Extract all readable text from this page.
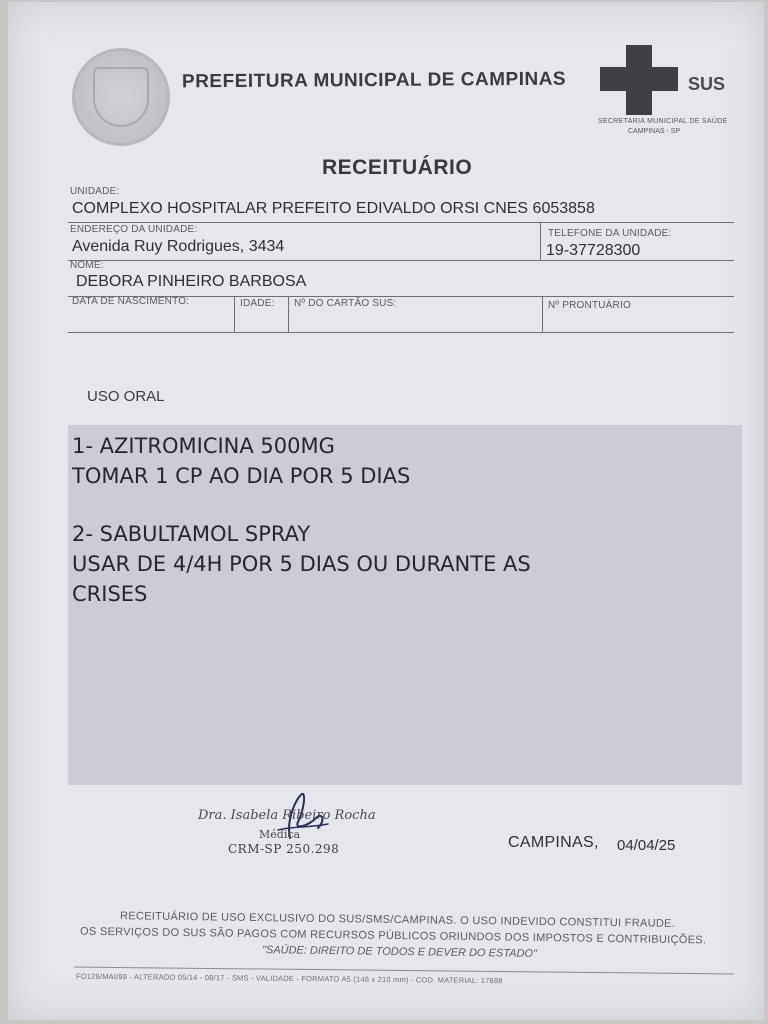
PREFEITURA MUNICIPAL DE CAMPINAS	SUS
SECRETARIA MUNICIPAL DE SAÚDE
CAMPINAS - SP
RECEITUÁRIO
UNIDADE:
COMPLEXO HOSPITALAR PREFEITO EDIVALDO ORSI CNES 6053858
ENDEREÇO DA UNIDADE:
Avenida Ruy Rodrigues, 3434
TELEFONE DA UNIDADE:
19-37728300
NOME:
DEBORA PINHEIRO BARBOSA
DATA DE NASCIMENTO:	IDADE: Nº DO CARTÃO SUS:	Nº PRONTUÁRIO
USO ORAL
1- AZITROMICINA 500MG
TOMAR 1 CP AO DIA POR 5 DIAS
2- SABULTAMOL SPRAY
USAR DE 4/4H POR 5 DIAS OU DURANTE AS
CRISES
Dra. Isabela Ribeiro Rocha
Médica
CRM-SP 250.298	CAMPINAS, 04/04/25
RECEITUÁRIO DE USO EXCLUSIVO DO SUS/SMS/CAMPINAS. O USO INDEVIDO CONSTITUI FRAUDE.
OS SERVIÇOS DO SUS SÃO PAGOS COM RECURSOS PÚBLICOS ORIUNDOS DOS IMPOSTOS E CONTRIBUIÇÕES.
"SAÚDE: DIREITO DE TODOS E DEVER DO ESTADO"
FO129/MAI/99 - ALTERADO 05/14 - 08/17 - SMS - VALIDADE - FORMATO A5 (148 x 210 mm) - COD. MATERIAL: 17698
